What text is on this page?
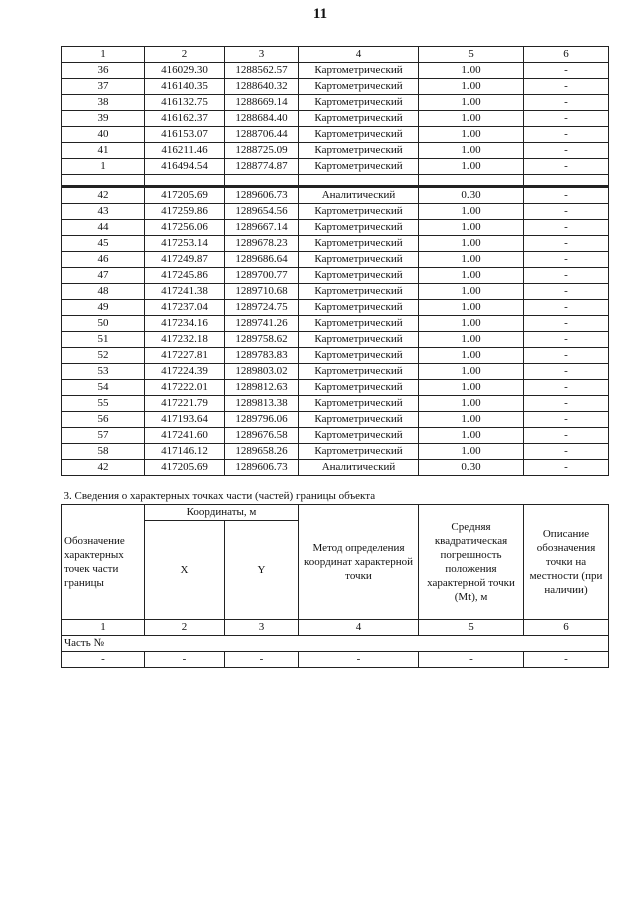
11
1	2	3	4	5	6
36	416029.30	1288562.57	Картометрический	1.00	-
37	416140.35	1288640.32	Картометрический	1.00	-
38	416132.75	1288669.14	Картометрический	1.00	-
39	416162.37	1288684.40	Картометрический	1.00	-
40	416153.07	1288706.44	Картометрический	1.00	-
41	416211.46	1288725.09	Картометрический	1.00	-
1	416494.54	1288774.87	Картометрический	1.00	-

42	417205.69	1289606.73	Аналитический	0.30	-
43	417259.86	1289654.56	Картометрический	1.00	-
44	417256.06	1289667.14	Картометрический	1.00	-
45	417253.14	1289678.23	Картометрический	1.00	-
46	417249.87	1289686.64	Картометрический	1.00	-
47	417245.86	1289700.77	Картометрический	1.00	-
48	417241.38	1289710.68	Картометрический	1.00	-
49	417237.04	1289724.75	Картометрический	1.00	-
50	417234.16	1289741.26	Картометрический	1.00	-
51	417232.18	1289758.62	Картометрический	1.00	-
52	417227.81	1289783.83	Картометрический	1.00	-
53	417224.39	1289803.02	Картометрический	1.00	-
54	417222.01	1289812.63	Картометрический	1.00	-
55	417221.79	1289813.38	Картометрический	1.00	-
56	417193.64	1289796.06	Картометрический	1.00	-
57	417241.60	1289676.58	Картометрический	1.00	-
58	417146.12	1289658.26	Картометрический	1.00	-
42	417205.69	1289606.73	Аналитический	0.30	-
3. Сведения о характерных точках части (частей) границы объекта					
Обозначение характерных точек части границы	Координаты, м		Метод определения координат характерной точки	Средняя квадратическая погрешность положения характерной точки (Mt), м	Описание обозначения точки на местности (при наличии)
	X	Y			
1	2	3	4	5	6
Часть №					
-	-	-	-	-	-
